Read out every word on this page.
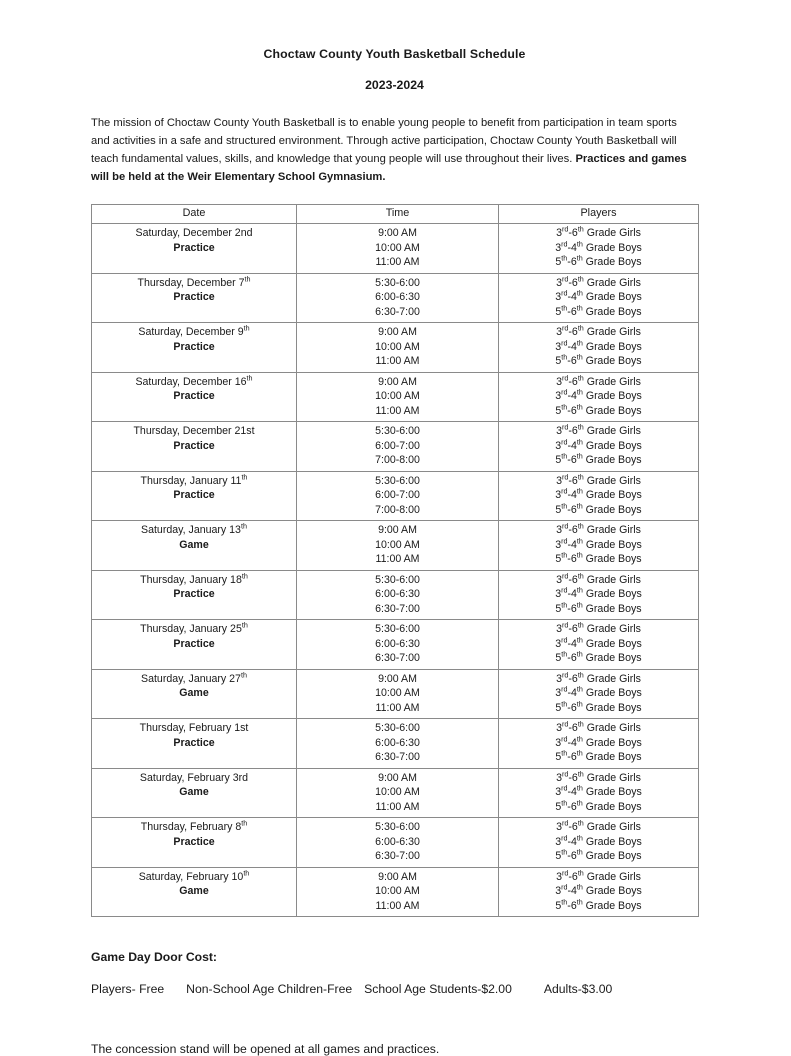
Choctaw County Youth Basketball Schedule
2023-2024

The mission of Choctaw County Youth Basketball is to enable young people to benefit from participation in team sports and activities in a safe and structured environment. Through active participation, Choctaw County Youth Basketball will teach fundamental values, skills, and knowledge that young people will use throughout their lives. Practices and games will be held at the Weir Elementary School Gymnasium.

Date	Time	Players

Saturday, December 2nd
Practice	9:00 AM
10:00 AM
11:00 AM	3rd-6th Grade Girls
3rd-4th Grade Boys
5th-6th Grade Boys

Thursday, December 7th
Practice	5:30-6:00
6:00-6:30
6:30-7:00	3rd-6th Grade Girls
3rd-4th Grade Boys
5th-6th Grade Boys

Saturday, December 9th
Practice	9:00 AM
10:00 AM
11:00 AM	3rd-6th Grade Girls
3rd-4th Grade Boys
5th-6th Grade Boys

Saturday, December 16th
Practice	9:00 AM
10:00 AM
11:00 AM	3rd-6th Grade Girls
3rd-4th Grade Boys
5th-6th Grade Boys

Thursday, December 21st
Practice	5:30-6:00
6:00-7:00
7:00-8:00	3rd-6th Grade Girls
3rd-4th Grade Boys
5th-6th Grade Boys

Thursday, January 11th
Practice	5:30-6:00
6:00-7:00
7:00-8:00	3rd-6th Grade Girls
3rd-4th Grade Boys
5th-6th Grade Boys

Saturday, January 13th
Game	9:00 AM
10:00 AM
11:00 AM	3rd-6th Grade Girls
3rd-4th Grade Boys
5th-6th Grade Boys

Thursday, January 18th
Practice	5:30-6:00
6:00-6:30
6:30-7:00	3rd-6th Grade Girls
3rd-4th Grade Boys
5th-6th Grade Boys

Thursday, January 25th
Practice	5:30-6:00
6:00-6:30
6:30-7:00	3rd-6th Grade Girls
3rd-4th Grade Boys
5th-6th Grade Boys

Saturday, January 27th
Game	9:00 AM
10:00 AM
11:00 AM	3rd-6th Grade Girls
3rd-4th Grade Boys
5th-6th Grade Boys

Thursday, February 1st
Practice	5:30-6:00
6:00-6:30
6:30-7:00	3rd-6th Grade Girls
3rd-4th Grade Boys
5th-6th Grade Boys

Saturday, February 3rd
Game	9:00 AM
10:00 AM
11:00 AM	3rd-6th Grade Girls
3rd-4th Grade Boys
5th-6th Grade Boys

Thursday, February 8th
Practice	5:30-6:00
6:00-6:30
6:30-7:00	3rd-6th Grade Girls
3rd-4th Grade Boys
5th-6th Grade Boys

Saturday, February 10th
Game	9:00 AM
10:00 AM
11:00 AM	3rd-6th Grade Girls
3rd-4th Grade Boys
5th-6th Grade Boys

Game Day Door Cost:

Players- Free Non-School Age Children-Free School Age Students-$2.00	Adults-$3.00

The concession stand will be opened at all games and practices.
